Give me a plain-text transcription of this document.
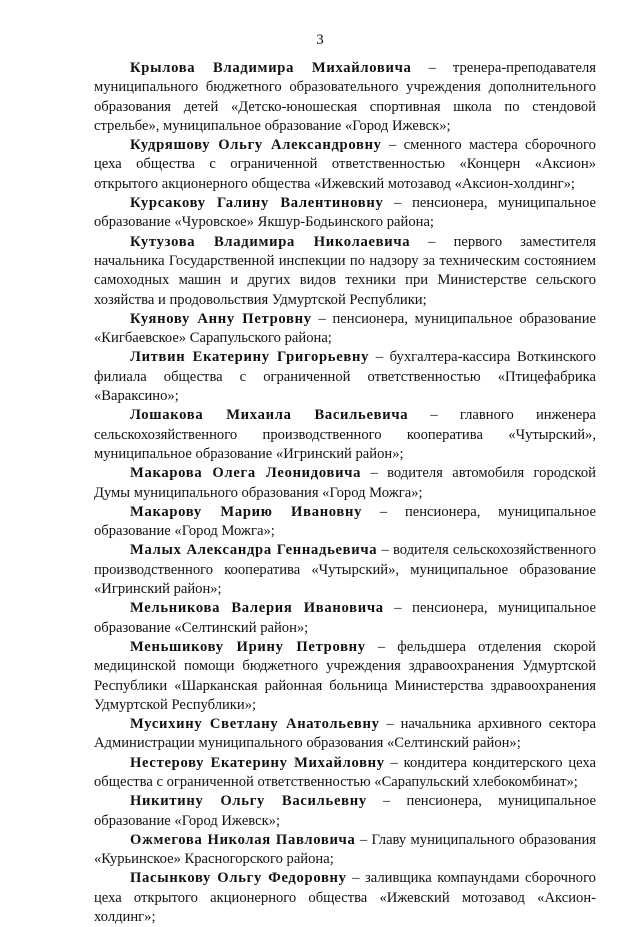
3

Крылова Владимира Михайловича – тренера-преподавателя муниципального бюджетного образовательного учреждения дополнительного образования детей «Детско-юношеская спортивная школа по стендовой стрельбе», муниципальное образование «Город Ижевск»;

Кудряшову Ольгу Александровну – сменного мастера сборочного цеха общества с ограниченной ответственностью «Концерн «Аксион» открытого акционерного общества «Ижевский мотозавод «Аксион-холдинг»;

Курсакову Галину Валентиновну – пенсионера, муниципальное образование «Чуровское» Якшур-Бодьинского района;

Кутузова Владимира Николаевича – первого заместителя начальника Государственной инспекции по надзору за техническим состоянием самоходных машин и других видов техники при Министерстве сельского хозяйства и продовольствия Удмуртской Республики;

Куянову Анну Петровну – пенсионера, муниципальное образование «Кигбаевское» Сарапульского района;

Литвин Екатерину Григорьевну – бухгалтера-кассира Воткинского филиала общества с ограниченной ответственностью «Птицефабрика «Вараксино»;

Лошакова Михаила Васильевича – главного инженера сельскохозяйственного производственного кооператива «Чутырский», муниципальное образование «Игринский район»;

Макарова Олега Леонидовича – водителя автомобиля городской Думы муниципального образования «Город Можга»;

Макарову Марию Ивановну – пенсионера, муниципальное образование «Город Можга»;

Малых Александра Геннадьевича – водителя сельскохозяйственного производственного кооператива «Чутырский», муниципальное образование «Игринский район»;

Мельникова Валерия Ивановича – пенсионера, муниципальное образование «Селтинский район»;

Меньшикову Ирину Петровну – фельдшера отделения скорой медицинской помощи бюджетного учреждения здравоохранения Удмуртской Республики «Шарканская районная больница Министерства здравоохранения Удмуртской Республики»;

Мусихину Светлану Анатольевну – начальника архивного сектора Администрации муниципального образования «Селтинский район»;

Нестерову Екатерину Михайловну – кондитера кондитерского цеха общества с ограниченной ответственностью «Сарапульский хлебокомбинат»;

Никитину Ольгу Васильевну – пенсионера, муниципальное образование «Город Ижевск»;

Ожмегова Николая Павловича – Главу муниципального образования «Курьинское» Красногорского района;

Пасынкову Ольгу Федоровну – заливщика компаундами сборочного цеха открытого акционерного общества «Ижевский мотозавод «Аксион-холдинг»;
